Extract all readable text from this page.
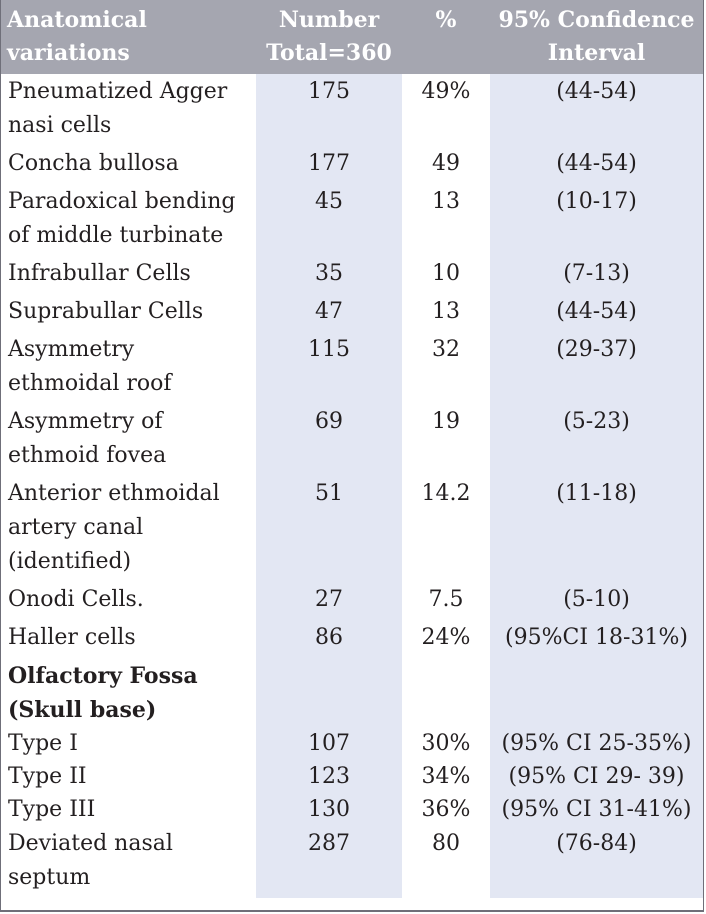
Anatomical variations	Number Total=360	%	95% Confidence Interval
Pneumatized Agger nasi cells	175	49%	(44-54)
Concha bullosa	177	49	(44-54)
Paradoxical bending of middle turbinate	45	13	(10-17)
Infrabullar Cells	35	10	(7-13)
Suprabullar Cells	47	13	(44-54)
Asymmetry ethmoidal roof	115	32	(29-37)
Asymmetry of ethmoid fovea	69	19	(5-23)
Anterior ethmoidal artery canal (identified)	51	14.2	(11-18)
Onodi Cells.	27	7.5	(5-10)
Haller cells	86	24%	(95%CI 18-31%)
Olfactory Fossa (Skull base)			
Type I	107	30%	(95% CI 25-35%)
Type II	123	34%	(95% CI 29- 39)
Type III	130	36%	(95% CI 31-41%)
Deviated nasal septum	287	80	(76-84)
